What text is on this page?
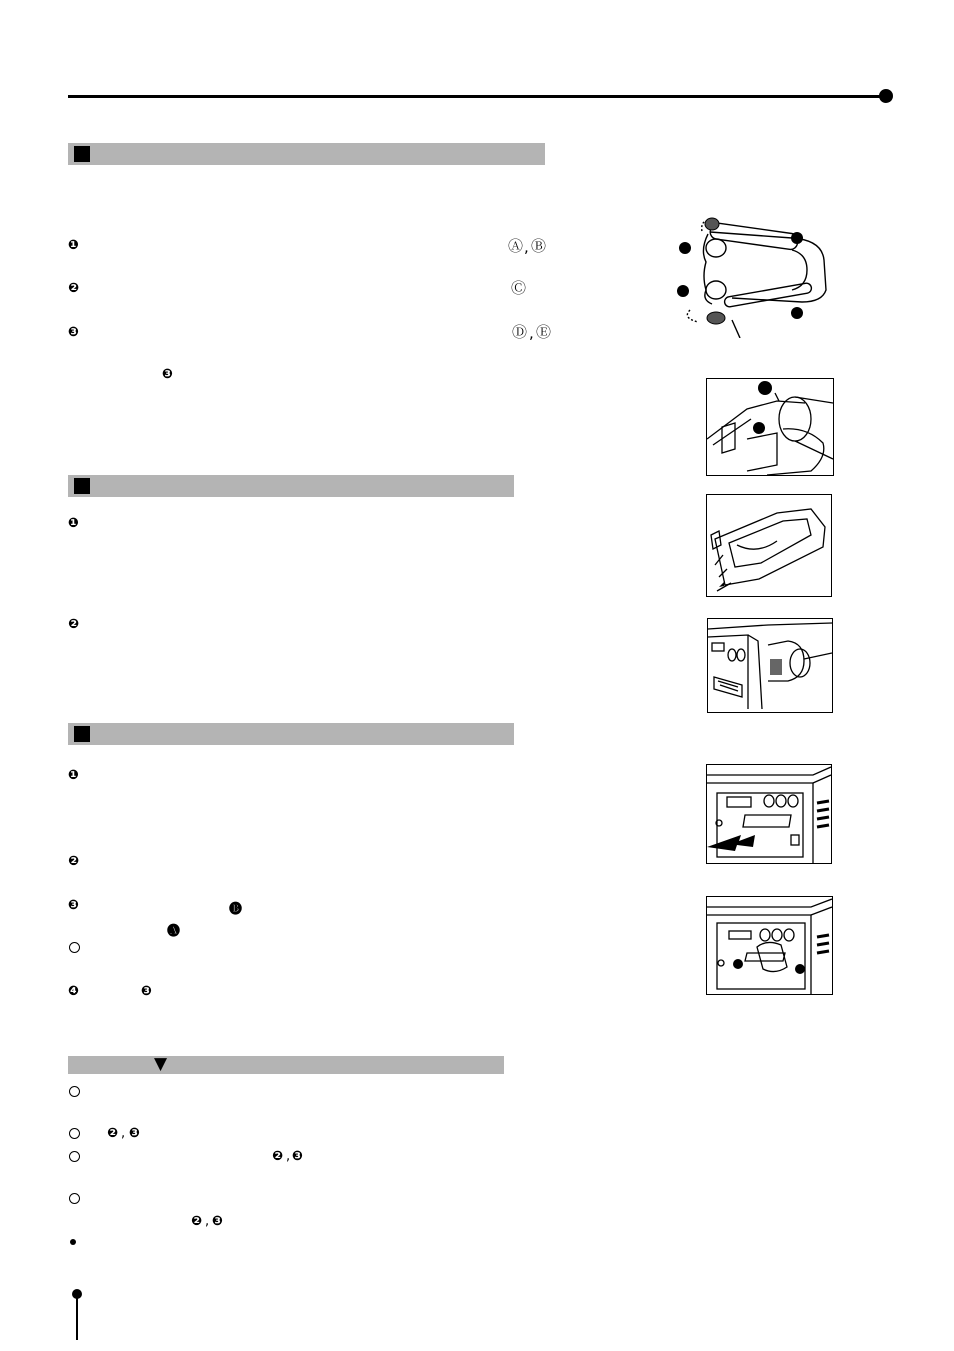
❶	Ⓐ , Ⓑ
❷	Ⓒ
❸	Ⓓ , Ⓔ
❸
❶
❷
❶
❷
❸	🅑
🅐
❹	❸
▼
❷ , ❸
❷ , ❸
❷ , ❸
